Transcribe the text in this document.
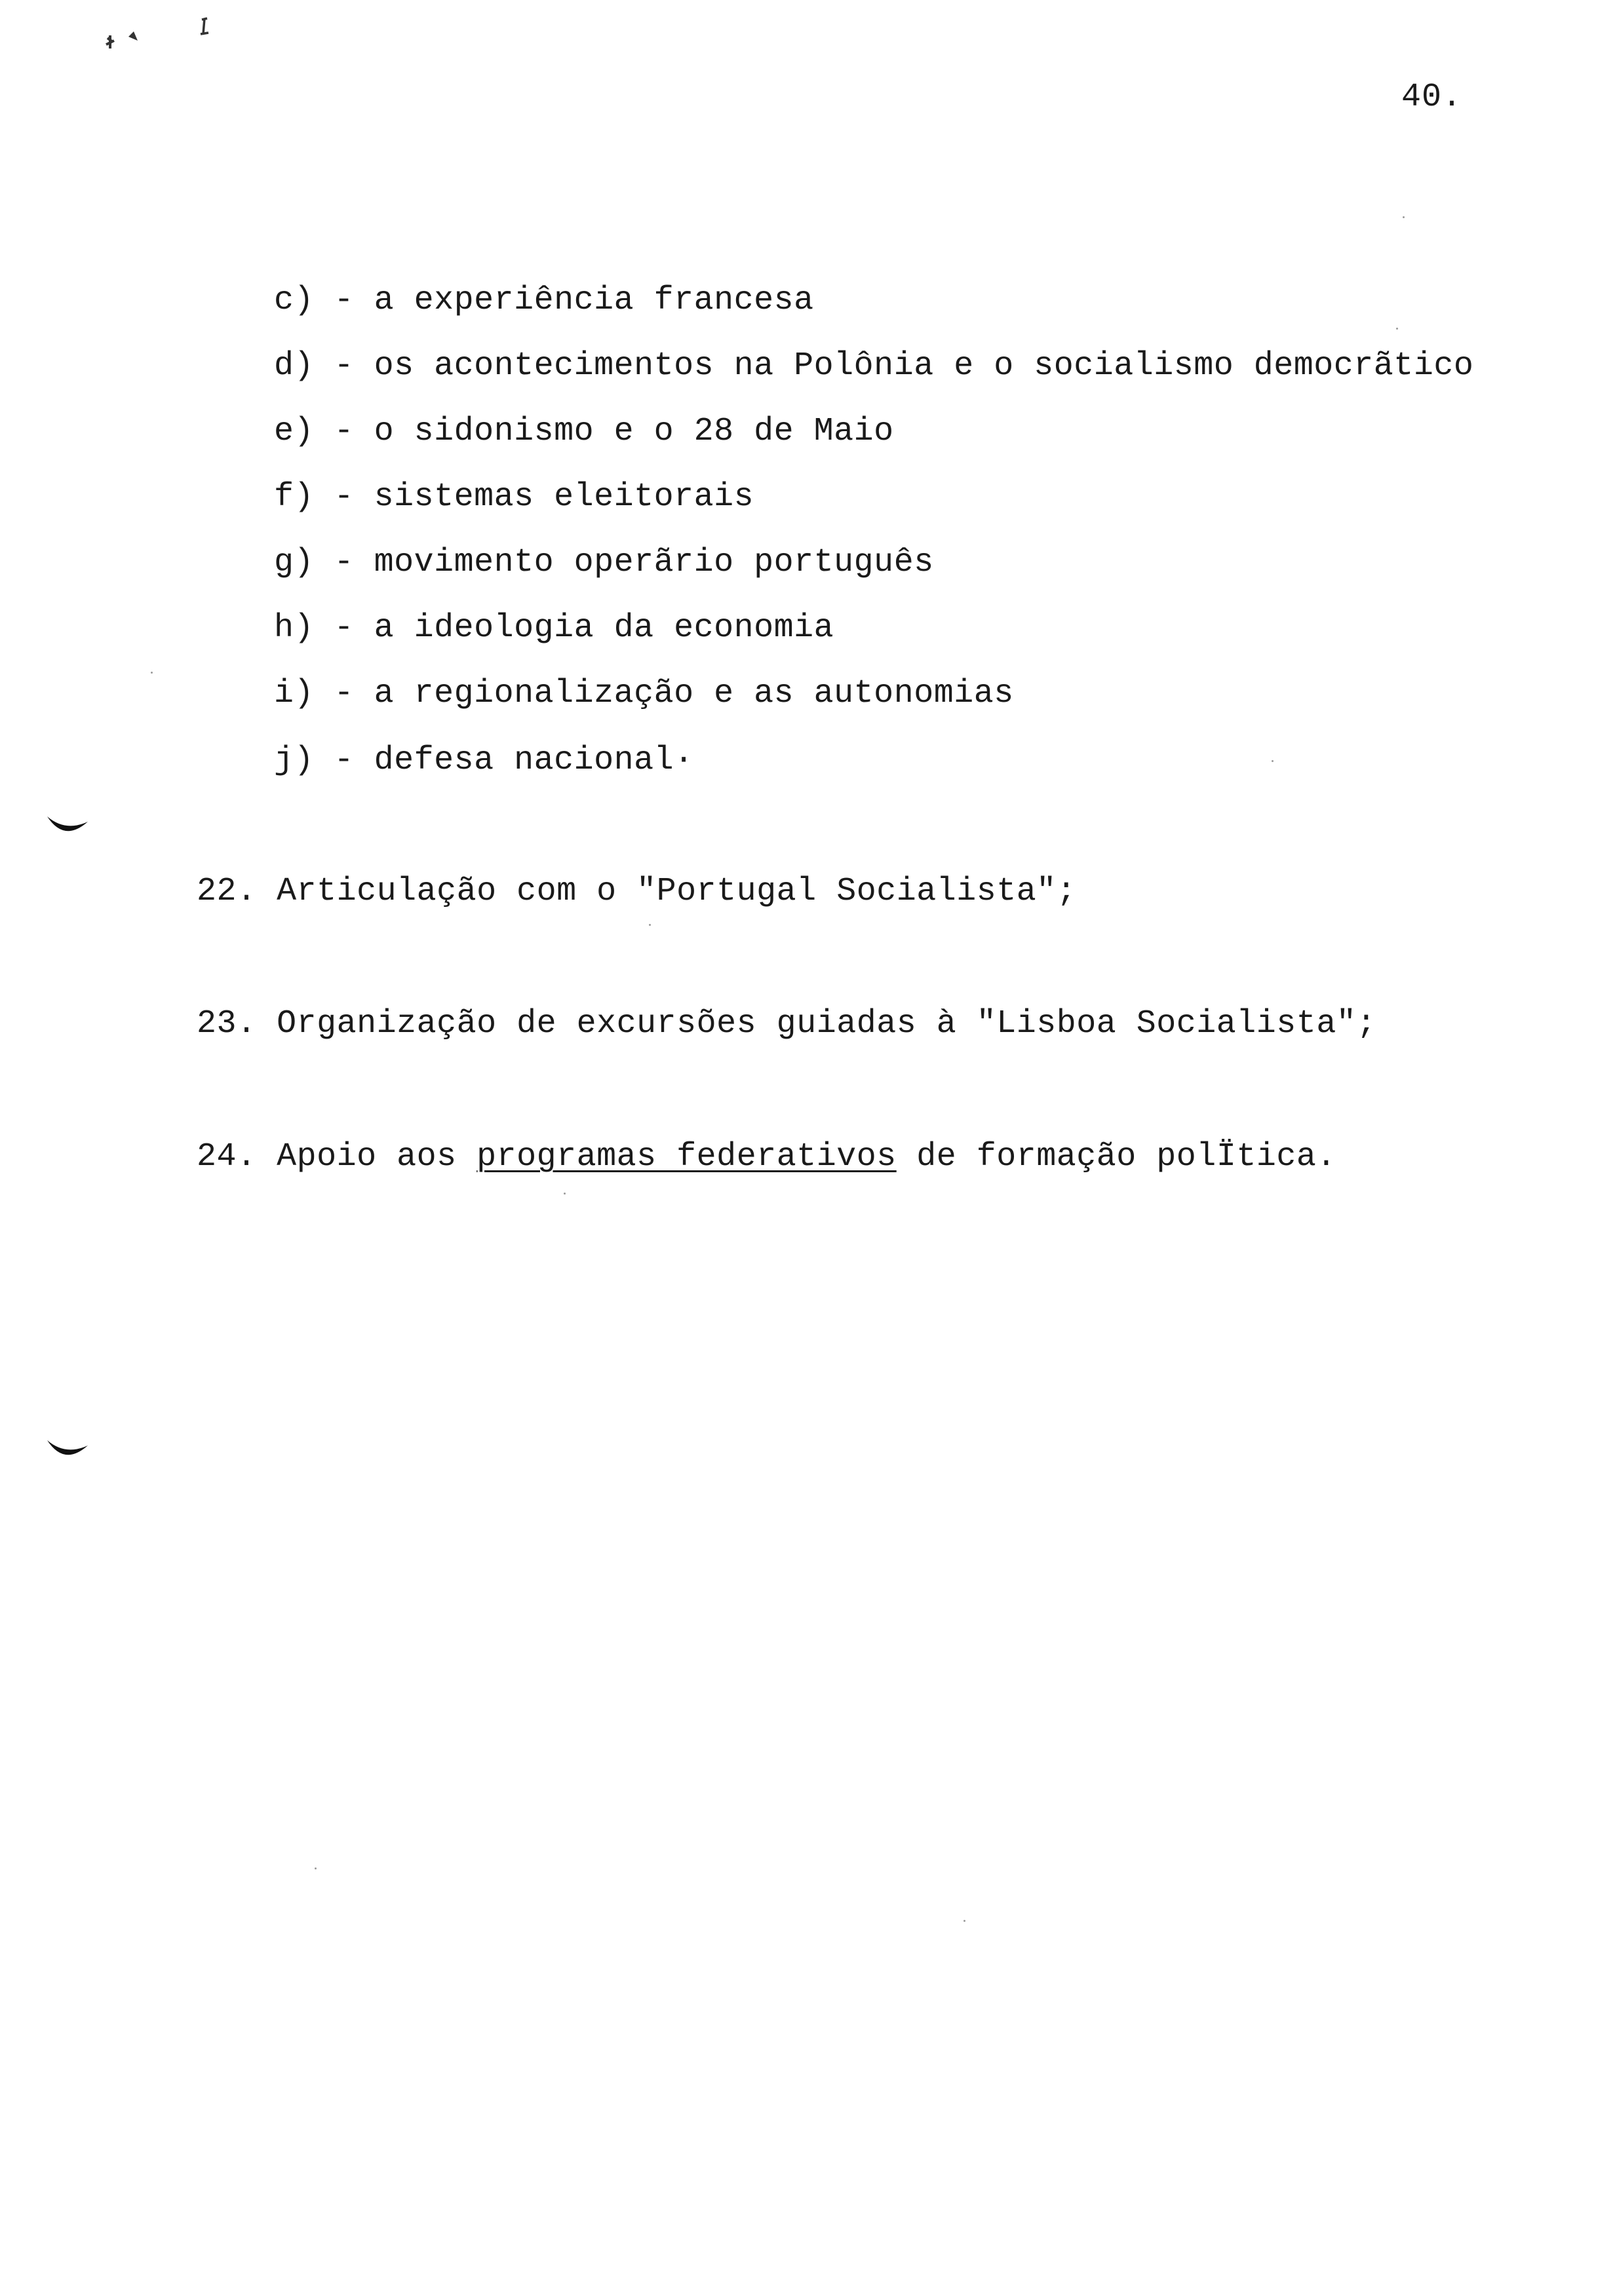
40.

c) - a experiência francesa

d) - os acontecimentos na Polônia e o socialismo democrãtico

e) - o sidonismo e o 28 de Maio

f) - sistemas eleitorais

g) - movimento operãrio português

h) - a ideologia da economia

i) - a regionalização e as autonomias

j) - defesa nacional·

22. Articulação com o "Portugal Socialista";

23. Organização de excursões guiadas à "Lisboa Socialista";

24. Apoio aos programas federativos de formação polÏtica.
